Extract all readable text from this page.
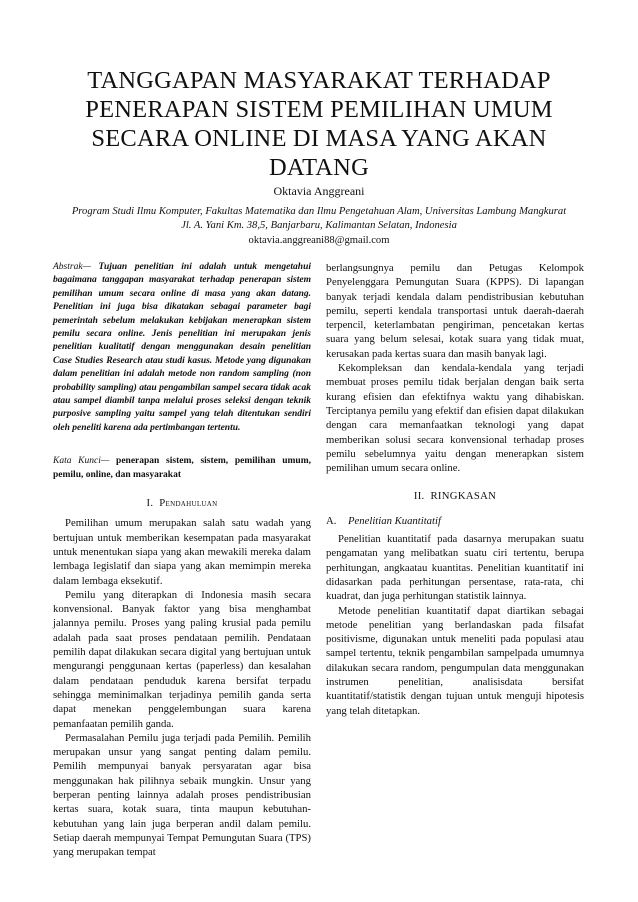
TANGGAPAN MASYARAKAT TERHADAP PENERAPAN SISTEM PEMILIHAN UMUM SECARA ONLINE DI MASA YANG AKAN DATANG
Oktavia Anggreani
Program Studi Ilmu Komputer, Fakultas Matematika dan Ilmu Pengetahuan Alam, Universitas Lambung Mangkurat
Jl. A. Yani Km. 38,5, Banjarbaru, Kalimantan Selatan, Indonesia
oktavia.anggreani88@gmail.com

Abstrak— Tujuan penelitian ini adalah untuk mengetahui bagaimana tanggapan masyarakat terhadap penerapan sistem pemilihan umum secara online di masa yang akan datang. Penelitian ini juga bisa dikatakan sebagai parameter bagi pemerintah sebelum melakukan kebijakan menerapkan sistem pemilu secara online. Jenis penelitian ini merupakan jenis penelitian kualitatif dengan menggunakan desain penelitian Case Studies Research atau studi kasus. Metode yang digunakan dalam penelitian ini adalah metode non random sampling (non probability sampling) atau pengambilan sampel secara tidak acak atau sampel diambil tanpa melalui proses seleksi dengan teknik purposive sampling yaitu sampel yang telah ditentukan sendiri oleh peneliti karena ada pertimbangan tertentu.

Kata Kunci— penerapan sistem, sistem, pemilihan umum, pemilu, online, dan masyarakat

I. Pendahuluan

Pemilihan umum merupakan salah satu wadah yang bertujuan untuk memberikan kesempatan pada masyarakat untuk menentukan siapa yang akan mewakili mereka dalam lembaga legislatif dan siapa yang akan memimpin mereka dalam lembaga eksekutif.

Pemilu yang diterapkan di Indonesia masih secara konvensional. Banyak faktor yang bisa menghambat jalannya pemilu. Proses yang paling krusial pada pemilu adalah pada saat proses pendataan pemilih. Pendataan pemilih dapat dilakukan secara digital yang bertujuan untuk mengurangi penggunaan kertas (paperless) dan kesalahan dalam pendataan penduduk karena bersifat terpadu sehingga meminimalkan terjadinya pemilih ganda serta dapat menekan penggelembungan suara karena pemanfaatan pemilih ganda.

Permasalahan Pemilu juga terjadi pada Pemilih. Pemilih merupakan unsur yang sangat penting dalam pemilu. Pemilih mempunyai banyak persyaratan agar bisa menggunakan hak pilihnya sebaik mungkin. Unsur yang berperan penting lainnya adalah proses pendistribusian kertas suara, kotak suara, tinta maupun kebutuhan-kebutuhan yang lain juga berperan andil dalam pemilu. Setiap daerah mempunyai Tempat Pemungutan Suara (TPS) yang merupakan tempat

berlangsungnya pemilu dan Petugas Kelompok Penyelenggara Pemungutan Suara (KPPS). Di lapangan banyak terjadi kendala dalam pendistribusian kebutuhan pemilu, seperti kendala transportasi untuk daerah-daerah terpencil, keterlambatan pengiriman, pencetakan kertas suara yang belum selesai, kotak suara yang tidak muat, kerusakan pada kertas suara dan masih banyak lagi.

Kekompleksan dan kendala-kendala yang terjadi membuat proses pemilu tidak berjalan dengan baik serta kurang efisien dan efektifnya waktu yang dihabiskan. Terciptanya pemilu yang efektif dan efisien dapat dilakukan dengan cara memanfaatkan teknologi yang dapat memberikan solusi secara konvensional terhadap proses pemilu sebelumnya yaitu dengan menerapkan sistem pemilihan umum secara online.

II. RINGKASAN
A. Penelitian Kuantitatif

Penelitian kuantitatif pada dasarnya merupakan suatu pengamatan yang melibatkan suatu ciri tertentu, berupa perhitungan, angkaatau kuantitas. Penelitian kuantitatif ini didasarkan pada perhitungan persentase, rata-rata, chi kuadrat, dan juga perhitungan statistik lainnya.

Metode penelitian kuantitatif dapat diartikan sebagai metode penelitian yang berlandaskan pada filsafat positivisme, digunakan untuk meneliti pada populasi atau sampel tertentu, teknik pengambilan sampelpada umumnya dilakukan secara random, pengumpulan data menggunakan instrumen penelitian, analisisdata bersifat kuantitatif/statistik dengan tujuan untuk menguji hipotesis yang telah ditetapkan.
